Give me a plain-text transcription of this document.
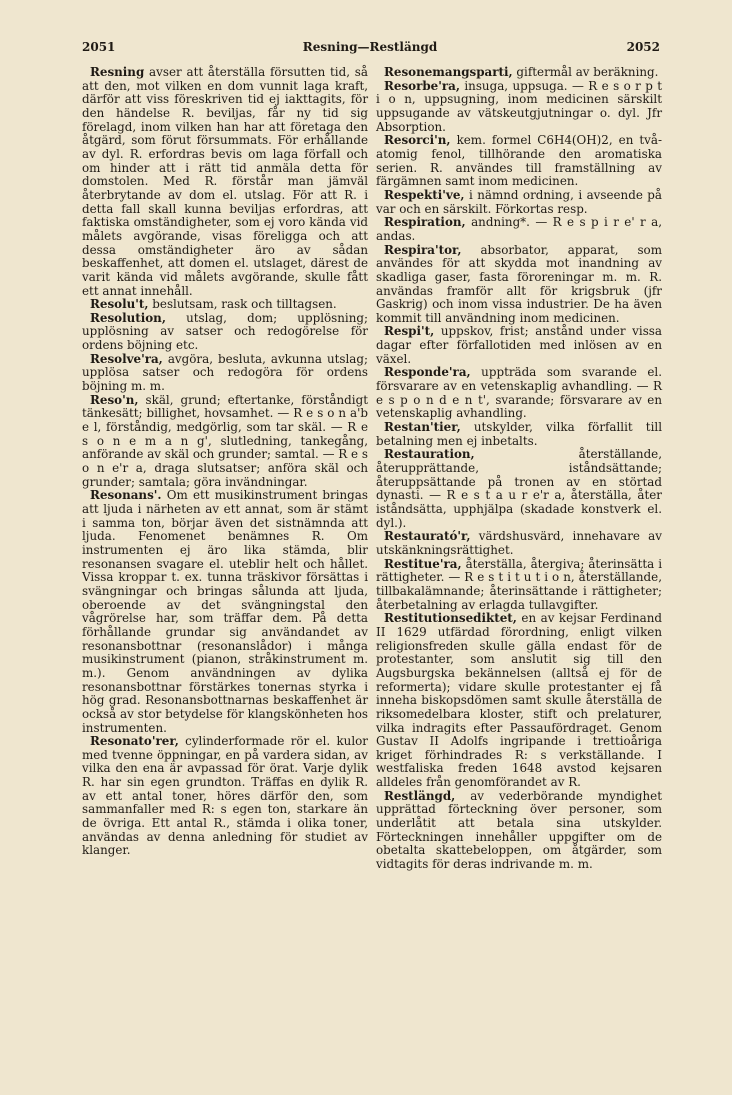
2051	Resning—Restlängd	2052

Resning avser att återställa försutten tid, så att den, mot vilken en dom vunnit laga kraft, därför att viss föreskriven tid ej iakttagits, för den händelse R. beviljas, får ny tid sig förelagd, inom vilken han har att företaga den åtgärd, som förut försummats. För erhållande av dyl. R. erfordras bevis om laga förfall och om hinder att i rätt tid anmäla detta för domstolen. Med R. förstår man jämväl återbrytande av dom el. utslag. För att R. i detta fall skall kunna beviljas erfordras, att faktiska omständigheter, som ej voro kända vid målets avgörande, visas föreligga och att dessa omständigheter äro av sådan beskaffenhet, att domen el. utslaget, därest de varit kända vid målets avgörande, skulle fått ett annat innehåll.

Resolu't, beslutsam, rask och tilltagsen.

Resolution, utslag, dom; upplösning; upplösning av satser och redogörelse för ordens böjning etc.

Resolve'ra, avgöra, besluta, avkunna utslag; upplösa satser och redogöra för ordens böjning m. m.

Reso'n, skäl, grund; eftertanke, förståndigt tänkesätt; billighet, hovsamhet. — R e s o n a'b e l, förståndig, medgörlig, som tar skäl. — R e s o n e m a n g', slutledning, tankegång, anförande av skäl och grunder; samtal. — R e s o n e'r a, draga slutsatser; anföra skäl och grunder; samtala; göra invändningar.

Resonans'. Om ett musikinstrument bringas att ljuda i närheten av ett annat, som är stämt i samma ton, börjar även det sistnämnda att ljuda. Fenomenet benämnes R. Om instrumenten ej äro lika stämda, blir resonansen svagare el. uteblir helt och hållet. Vissa kroppar t. ex. tunna träskivor försättas i svängningar och bringas sålunda att ljuda, oberoende av det svängningstal den vågrörelse har, som träffar dem. På detta förhållande grundar sig användandet av resonansbottnar (resonanslådor) i många musikinstrument (pianon, stråkinstrument m. m.). Genom användningen av dylika resonansbottnar förstärkes tonernas styrka i hög grad. Resonansbottnarnas beskaffenhet är också av stor betydelse för klangskönheten hos instrumenten.

Resonato'rer, cylinderformade rör el. kulor med tvenne öppningar, en på vardera sidan, av vilka den ena är avpassad för örat. Varje dylik R. har sin egen grundton. Träffas en dylik R. av ett antal toner, höres därför den, som sammanfaller med R: s egen ton, starkare än de övriga. Ett antal R., stämda i olika toner, användas av denna anledning för studiet av klanger.

Resonemangsparti, giftermål av beräkning.

Resorbe'ra, insuga, uppsuga. — R e s o r p t i o n, uppsugning, inom medicinen särskilt uppsugande av vätskeutgjutningar o. dyl. Jfr Absorption.

Resorci'n, kem. formel C6H4(OH)2, en två-atomig fenol, tillhörande den aromatiska serien. R. användes till framställning av färgämnen samt inom medicinen.

Respekti've, i nämnd ordning, i avseende på var och en särskilt. Förkortas resp.

Respiration, andning*. — R e s p i r e' r a, andas.

Respira'tor, absorbator, apparat, som användes för att skydda mot inandning av skadliga gaser, fasta föroreningar m. m. R. användas framför allt för krigsbruk (jfr Gaskrig) och inom vissa industrier. De ha även kommit till användning inom medicinen.

Respi't, uppskov, frist; anstånd under vissa dagar efter förfallotiden med inlösen av en växel.

Responde'ra, uppträda som svarande el. försvarare av en vetenskaplig avhandling. — R e s p o n d e n t', svarande; försvarare av en vetenskaplig avhandling.

Restan'tier, utskylder, vilka förfallit till betalning men ej inbetalts.

Restauration, återställande, återupprättande, iståndsättande; återuppsättande på tronen av en störtad dynasti. — R e s t a u r e'r a, återställa, åter iståndsätta, upphjälpa (skadade konstverk el. dyl.).

Restaurató'r, värdshusvärd, innehavare av utskänkningsrättighet.

Restitue'ra, återställa, återgiva; återinsätta i rättigheter. — R e s t i t u t i o n, återställande, tillbakalämnande; återinsättande i rättigheter; återbetalning av erlagda tullavgifter.

Restitutionsediktet, en av kejsar Ferdinand II 1629 utfärdad förordning, enligt vilken religionsfreden skulle gälla endast för de protestanter, som anslutit sig till den Augsburgska bekännelsen (alltså ej för de reformerta); vidare skulle protestanter ej få inneha biskopsdömen samt skulle återställa de riksomedelbara kloster, stift och prelaturer, vilka indragits efter Passaufördraget. Genom Gustav II Adolfs ingripande i trettioåriga kriget förhindrades R: s verkställande. I westfaliska freden 1648 avstod kejsaren alldeles från genomförandet av R.

Restlängd, av vederbörande myndighet upprättad förteckning över personer, som underlåtit att betala sina utskylder. Förteckningen innehåller uppgifter om de obetalta skattebeloppen, om åtgärder, som vidtagits för deras indrivande m. m.
